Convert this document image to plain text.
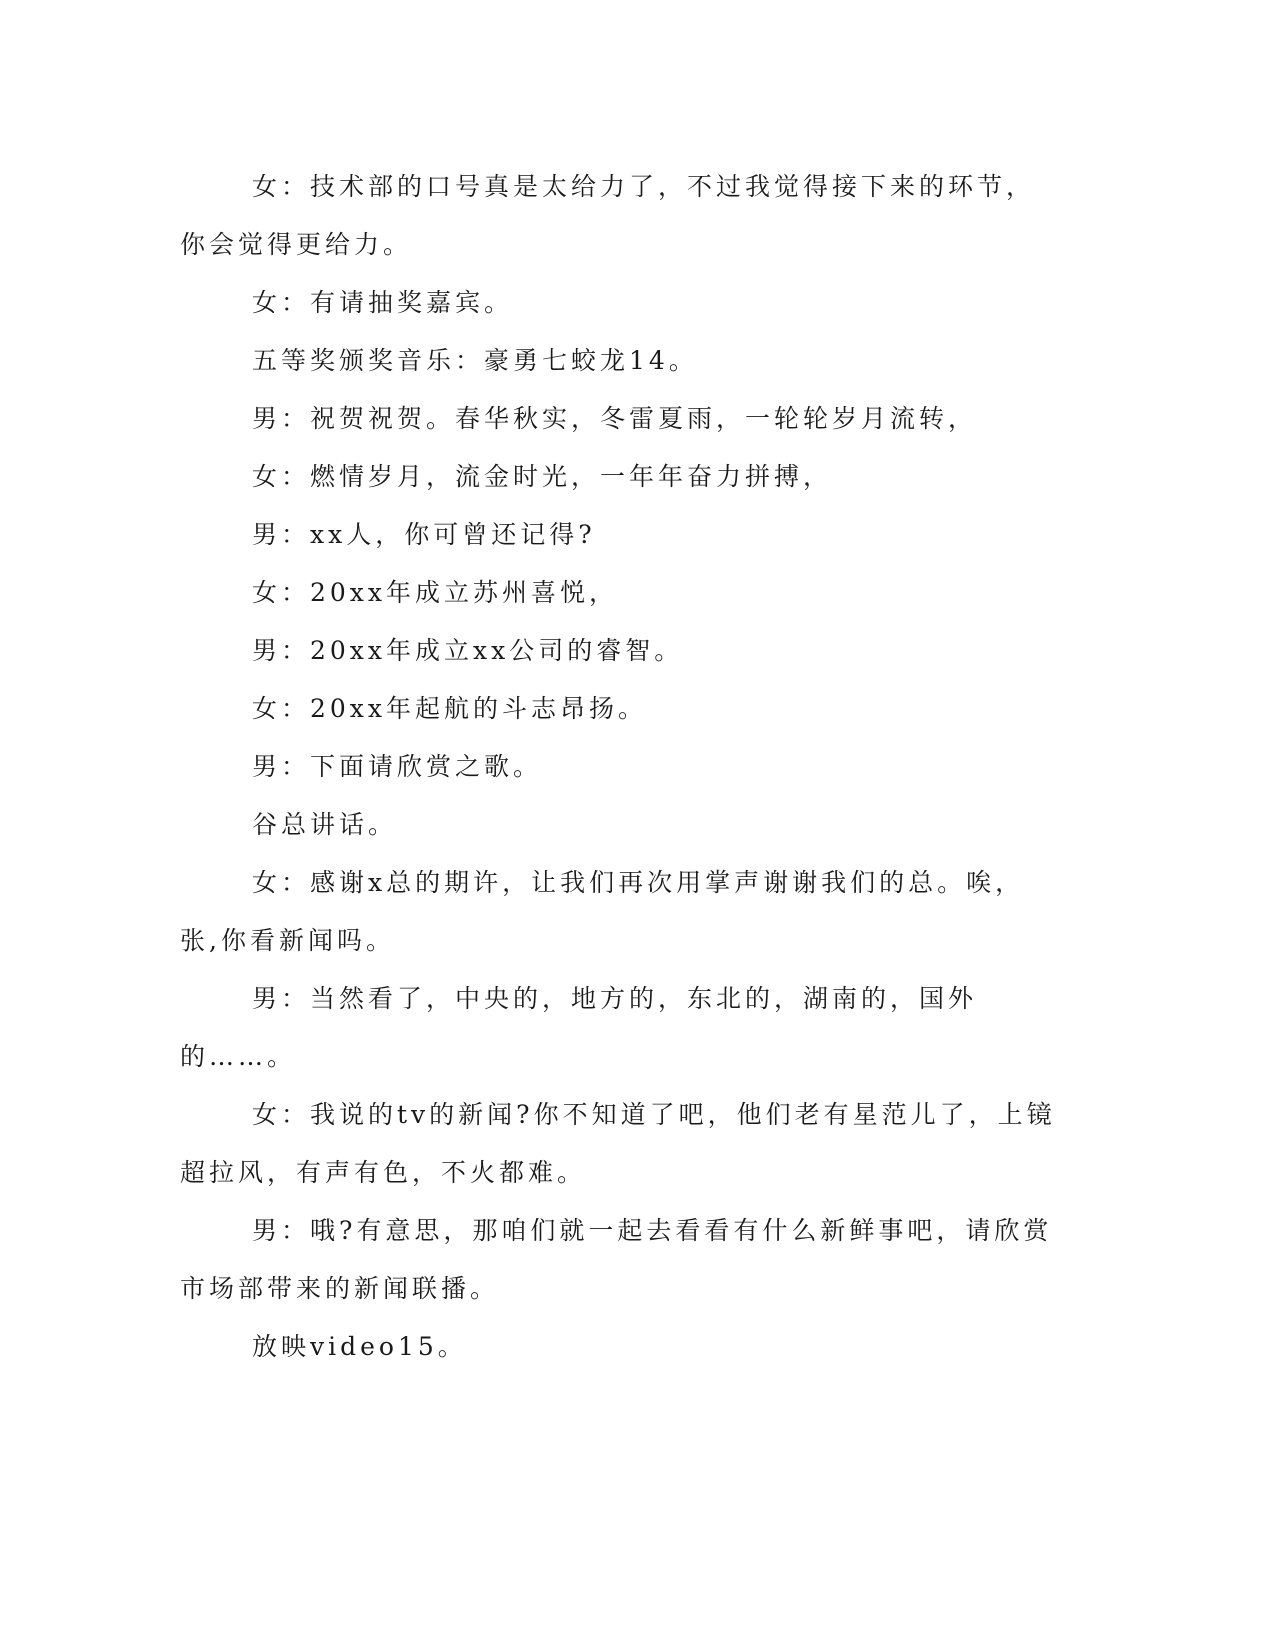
女：技术部的口号真是太给力了，不过我觉得接下来的环节，你会觉得更给力。

女：有请抽奖嘉宾。

五等奖颁奖音乐：豪勇七蛟龙14。

男：祝贺祝贺。春华秋实，冬雷夏雨，一轮轮岁月流转，

女：燃情岁月，流金时光，一年年奋力拼搏，

男：xx人，你可曾还记得?

女：20xx年成立苏州喜悦，

男：20xx年成立xx公司的睿智。

女：20xx年起航的斗志昂扬。

男：下面请欣赏之歌。

谷总讲话。

女：感谢x总的期许，让我们再次用掌声谢谢我们的总。唉，张,你看新闻吗。

男：当然看了，中央的，地方的，东北的，湖南的，国外的……。

女：我说的tv的新闻?你不知道了吧，他们老有星范儿了，上镜超拉风，有声有色，不火都难。

男：哦?有意思，那咱们就一起去看看有什么新鲜事吧，请欣赏市场部带来的新闻联播。

放映video15。
